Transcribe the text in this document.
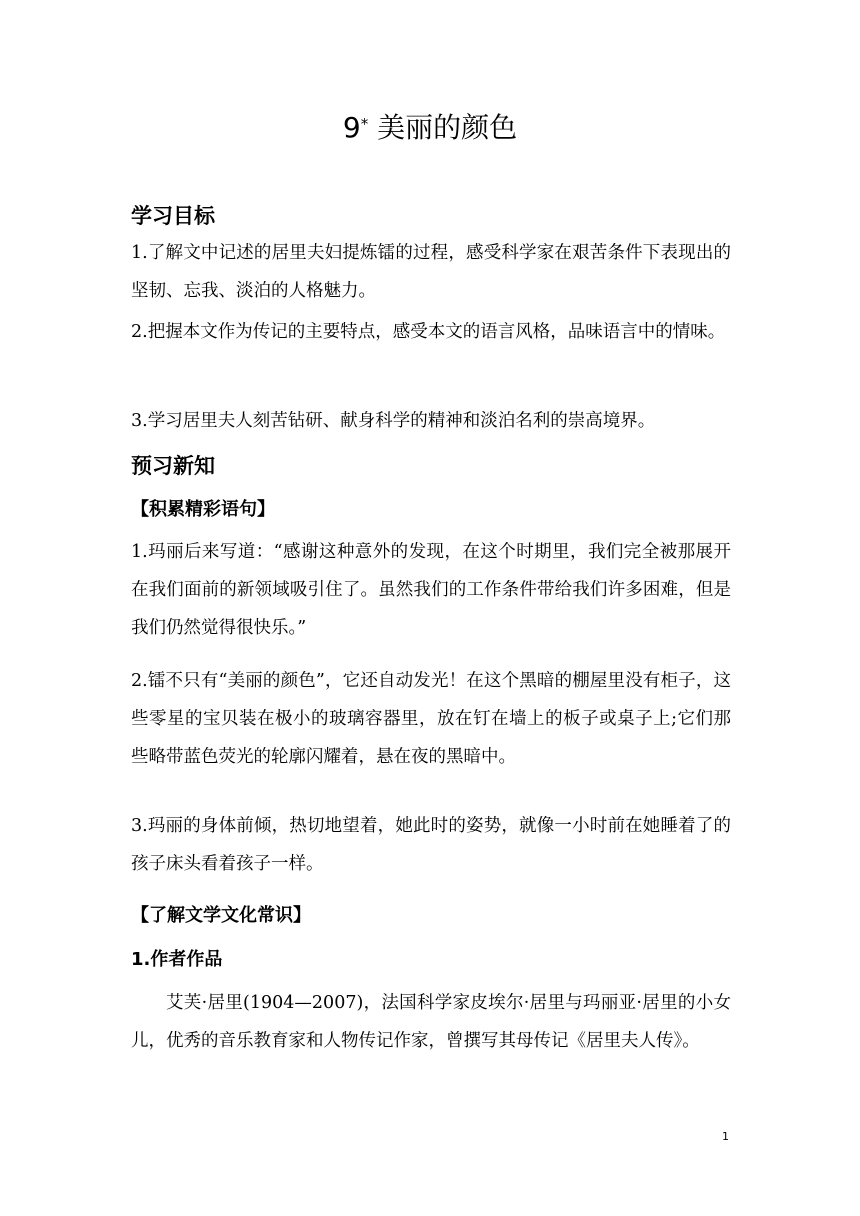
9* 美丽的颜色
学习目标
1.了解文中记述的居里夫妇提炼镭的过程，感受科学家在艰苦条件下表现出的坚韧、忘我、淡泊的人格魅力。
2.把握本文作为传记的主要特点，感受本文的语言风格，品味语言中的情味。
3.学习居里夫人刻苦钻研、献身科学的精神和淡泊名利的崇高境界。
预习新知
【积累精彩语句】
1.玛丽后来写道：“感谢这种意外的发现，在这个时期里，我们完全被那展开在我们面前的新领域吸引住了。虽然我们的工作条件带给我们许多困难，但是我们仍然觉得很快乐。”
2.镭不只有“美丽的颜色”，它还自动发光！在这个黑暗的棚屋里没有柜子，这些零星的宝贝装在极小的玻璃容器里，放在钉在墙上的板子或桌子上;它们那些略带蓝色荧光的轮廓闪耀着，悬在夜的黑暗中。
3.玛丽的身体前倾，热切地望着，她此时的姿势，就像一小时前在她睡着了的孩子床头看着孩子一样。
【了解文学文化常识】
1.作者作品
艾芙·居里(1904—2007)，法国科学家皮埃尔·居里与玛丽亚·居里的小女儿，优秀的音乐教育家和人物传记作家，曾撰写其母传记《居里夫人传》。
1
